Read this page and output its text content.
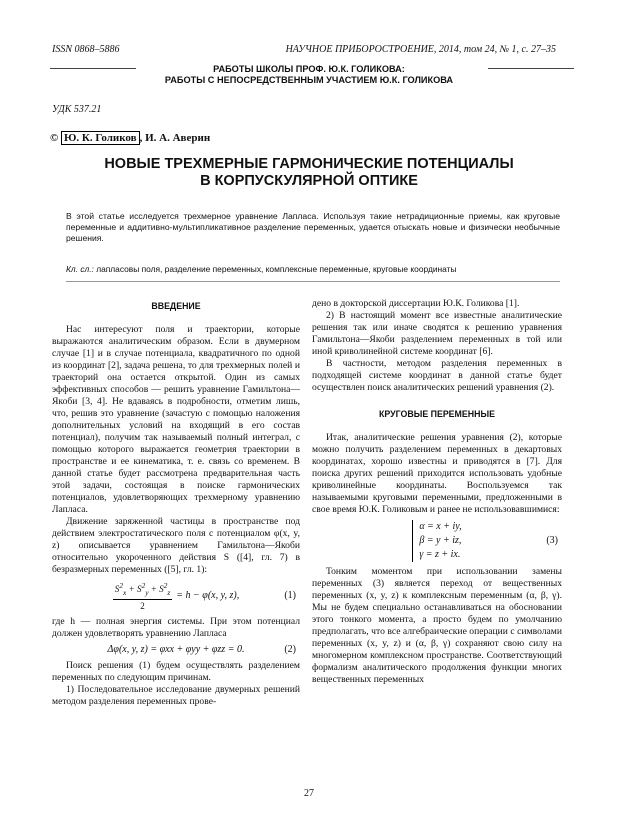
ISSN 0868–5886	НАУЧНОЕ ПРИБОРОСТРОЕНИЕ, 2014, том 24, № 1, с. 27–35
РАБОТЫ ШКОЛЫ ПРОФ. Ю.К. ГОЛИКОВА:
РАБОТЫ С НЕПОСРЕДСТВЕННЫМ УЧАСТИЕМ Ю.К. ГОЛИКОВА
УДК 537.21
© Ю. К. Голиков , И. А. Аверин
НОВЫЕ ТРЕХМЕРНЫЕ ГАРМОНИЧЕСКИЕ ПОТЕНЦИАЛЫ
В КОРПУСКУЛЯРНОЙ ОПТИКЕ
В этой статье исследуется трехмерное уравнение Лапласа. Используя такие нетрадиционные приемы, как круговые переменные и аддитивно-мультипликативное разделение переменных, удается отыскать новые и физически необычные решения.
Кл. сл.: лапласовы поля, разделение переменных, комплексные переменные, круговые координаты

ВВЕДЕНИЕ

Нас интересуют поля и траектории, которые выражаются аналитическим образом. Если в двумерном случае [1] и в случае потенциала, квадратичного по одной из координат [2], задача решена, то для трехмерных полей и траекторий она остается открытой. Один из самых эффективных способов — решить уравнение Гамильтона—Якоби [3, 4]. Не вдаваясь в подробности, отметим лишь, что, решив это уравнение (зачастую с помощью наложения дополнительных условий на входящий в его состав потенциал), получим так называемый полный интеграл, с помощью которого выражается геометрия траектории в пространстве и ее кинематика, т. е. связь со временем. В данной статье будет рассмотрена предварительная часть этой задачи, состоящая в поиске гармонических потенциалов, удовлетворяющих трехмерному уравнению Лапласа.

Движение заряженной частицы в пространстве под действием электростатического поля с потенциалом φ(x, y, z) описывается уравнением Гамильтона—Якоби относительно укороченного действия S ([4], гл. 7) в безразмерных переменных ([5], гл. 1):

$\frac{S^2_x + S^2_y + S^2_z}{2} = h - \varphi(x$, y, z),	(1)

где h — полная энергия системы. При этом потенциал должен удовлетворять уравнению Лапласа

Δφ(x, y, z) = φxx + φyy + φzz = 0.	(2)

Поиск решения (1) будем осуществлять разделением переменных по следующим причинам.

1) Последовательное исследование двумерных решений методом разделения переменных прове-

дено в докторской диссертации Ю.К. Голикова [1].

2) В настоящий момент все известные аналитические решения так или иначе сводятся к решению уравнения Гамильтона—Якоби разделением переменных в той или иной криволинейной системе координат [6].

В частности, методом разделения переменных в подходящей системе координат в данной статье будет осуществлен поиск аналитических решений уравнения (2).

КРУГОВЫЕ ПЕРЕМЕННЫЕ

Итак, аналитические решения уравнения (2), которые можно получить разделением переменных в декартовых координатах, хорошо известны и приводятся в [7]. Для поиска других решений приходится использовать удобные криволинейные координаты. Воспользуемся так называемыми круговыми переменными, предложенными в свое время Ю.К. Голиковым и ранее не использовавшимися:

α = x + iy,
β = y + iz,
γ = z + ix.
(3)

Тонким моментом при использовании замены переменных (3) является переход от вещественных переменных (x, y, z) к комплексным переменным (α, β, γ). Мы не будем специально останавливаться на обосновании этого тонкого момента, а просто будем по умолчанию предполагать, что все алгебраические операции с символами переменных (x, y, z) и (α, β, γ) сохраняют свою силу на многомерном комплексном пространстве. Соответствующий формализм аналитического продолжения функции многих вещественных переменных

27
